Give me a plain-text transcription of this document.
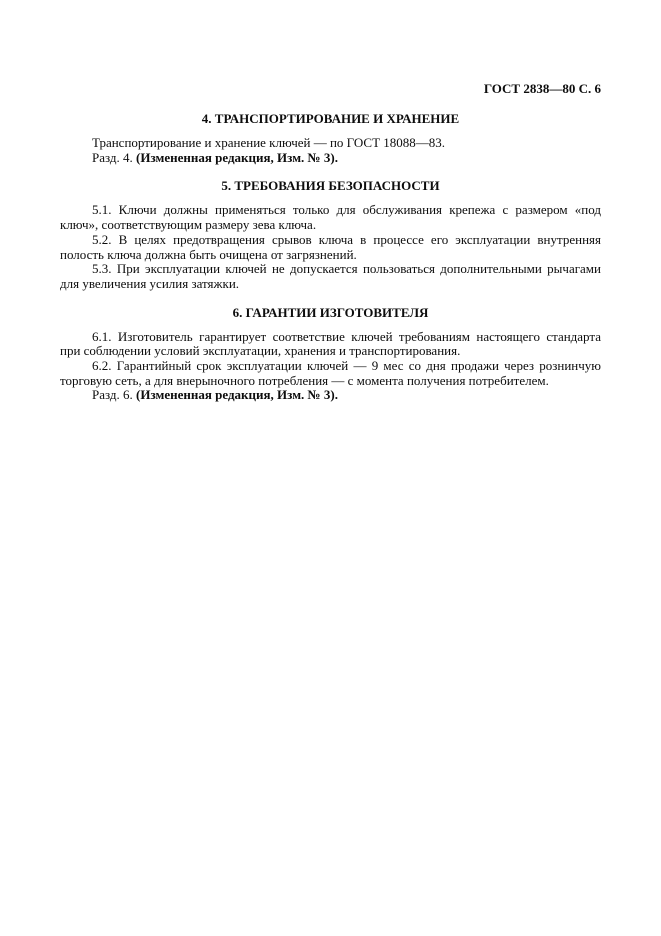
ГОСТ 2838—80 С. 6
4. ТРАНСПОРТИРОВАНИЕ И ХРАНЕНИЕ

Транспортирование и хранение ключей — по ГОСТ 18088—83.

Разд. 4. (Измененная редакция, Изм. № 3).

5. ТРЕБОВАНИЯ БЕЗОПАСНОСТИ

5.1. Ключи должны применяться только для обслуживания крепежа с размером «под ключ», соответствующим размеру зева ключа.

5.2. В целях предотвращения срывов ключа в процессе его эксплуатации внутренняя полость ключа должна быть очищена от загрязнений.

5.3. При эксплуатации ключей не допускается пользоваться дополнительными рычагами для увеличения усилия затяжки.

6. ГАРАНТИИ ИЗГОТОВИТЕЛЯ

6.1. Изготовитель гарантирует соответствие ключей требованиям настоящего стандарта при соблюдении условий эксплуатации, хранения и транспортирования.

6.2. Гарантийный срок эксплуатации ключей — 9 мес со дня продажи через рознинчую торговую сеть, а для внерыночного потребления — с момента получения потребителем.

Разд. 6. (Измененная редакция, Изм. № 3).
